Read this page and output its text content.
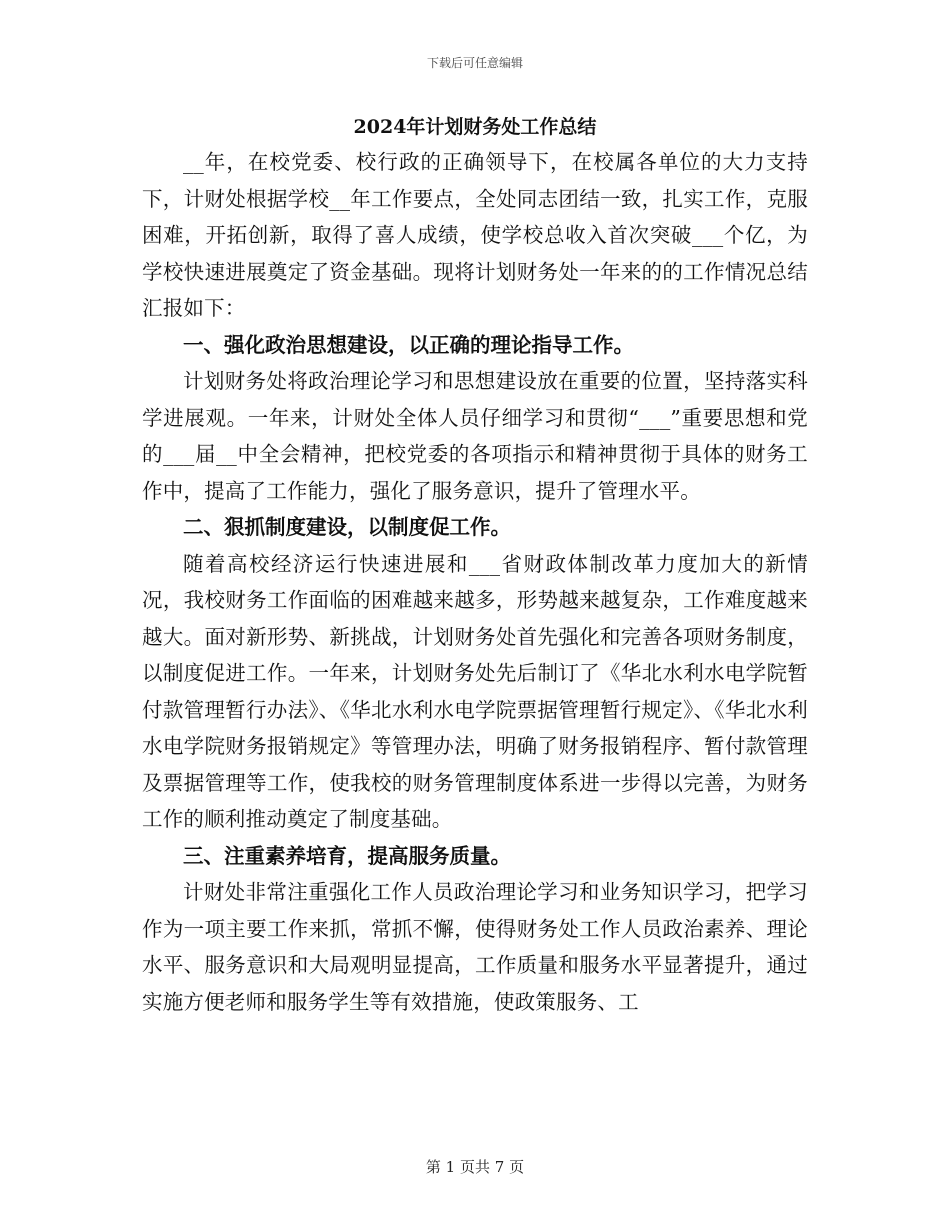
下载后可任意编辑
2024年计划财务处工作总结

__年，在校党委、校行政的正确领导下，在校属各单位的大力支持下，计财处根据学校__年工作要点，全处同志团结一致，扎实工作，克服困难，开拓创新，取得了喜人成绩，使学校总收入首次突破___个亿，为学校快速进展奠定了资金基础。现将计划财务处一年来的的工作情况总结汇报如下：

一、强化政治思想建设，以正确的理论指导工作。

计划财务处将政治理论学习和思想建设放在重要的位置，坚持落实科学进展观。一年来，计财处全体人员仔细学习和贯彻“___”重要思想和党的___届__中全会精神，把校党委的各项指示和精神贯彻于具体的财务工作中，提高了工作能力，强化了服务意识，提升了管理水平。

二、狠抓制度建设，以制度促工作。

随着高校经济运行快速进展和___省财政体制改革力度加大的新情况，我校财务工作面临的困难越来越多，形势越来越复杂，工作难度越来越大。面对新形势、新挑战，计划财务处首先强化和完善各项财务制度，以制度促进工作。一年来，计划财务处先后制订了《华北水利水电学院暂付款管理暂行办法》、《华北水利水电学院票据管理暂行规定》、《华北水利水电学院财务报销规定》等管理办法，明确了财务报销程序、暂付款管理及票据管理等工作，使我校的财务管理制度体系进一步得以完善，为财务工作的顺利推动奠定了制度基础。

三、注重素养培育，提高服务质量。

计财处非常注重强化工作人员政治理论学习和业务知识学习，把学习作为一项主要工作来抓，常抓不懈，使得财务处工作人员政治素养、理论水平、服务意识和大局观明显提高，工作质量和服务水平显著提升，通过实施方便老师和服务学生等有效措施，使政策服务、工

第 1 页共 7 页
